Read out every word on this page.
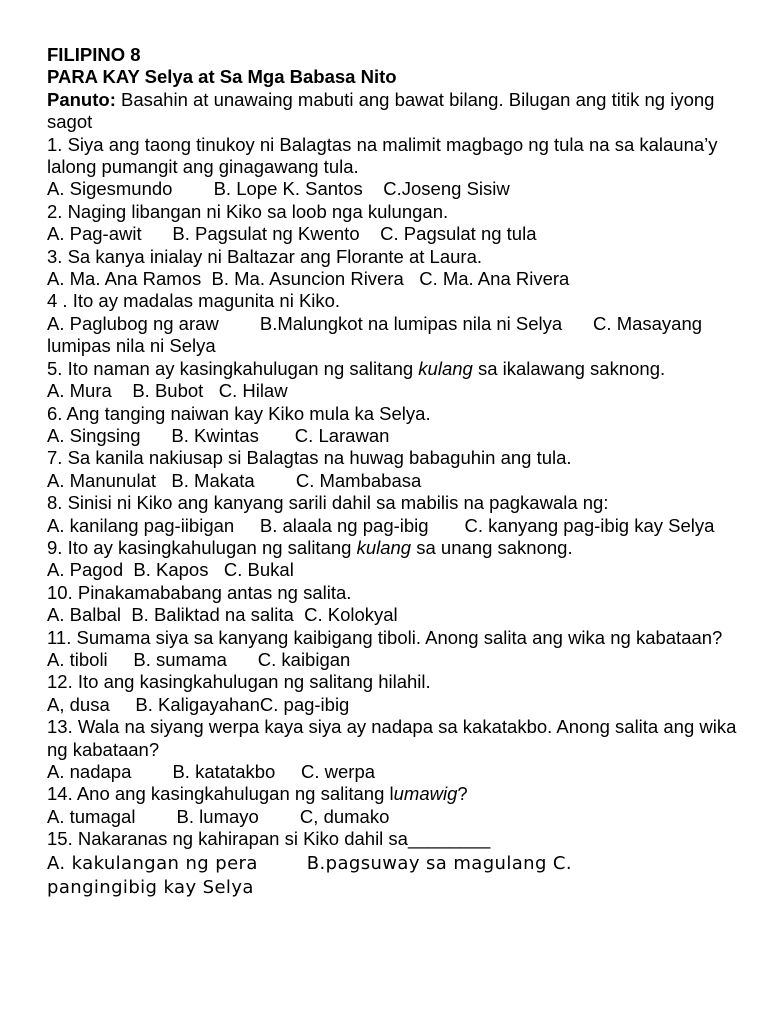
FILIPINO 8
PARA KAY Selya at Sa Mga Babasa Nito
Panuto: Basahin at unawaing mabuti ang bawat bilang. Bilugan ang titik ng iyong sagot
1. Siya ang taong tinukoy ni Balagtas na malimit magbago ng tula na sa kalauna’y lalong pumangit ang ginagawang tula.
A. Sigesmundo        B. Lope K. Santos    C.Joseng Sisiw
2. Naging libangan ni Kiko sa loob nga kulungan.
A. Pag-awit      B. Pagsulat ng Kwento    C. Pagsulat ng tula
3. Sa kanya inialay ni Baltazar ang Florante at Laura.
A. Ma. Ana Ramos  B. Ma. Asuncion Rivera   C. Ma. Ana Rivera
4 . Ito ay madalas magunita ni Kiko.
A. Paglubog ng araw        B.Malungkot na lumipas nila ni Selya      C. Masayang lumipas nila ni Selya
5. Ito naman ay kasingkahulugan ng salitang kulang sa ikalawang saknong.
A. Mura    B. Bubot   C. Hilaw
6. Ang tanging naiwan kay Kiko mula ka Selya.
A. Singsing      B. Kwintas       C. Larawan
7. Sa kanila nakiusap si Balagtas na huwag babaguhin ang tula.
A. Manunulat   B. Makata        C. Mambabasa
8. Sinisi ni Kiko ang kanyang sarili dahil sa mabilis na pagkawala ng:
A. kanilang pag-iibigan     B. alaala ng pag-ibig       C. kanyang pag-ibig kay Selya
9. Ito ay kasingkahulugan ng salitang kulang sa unang saknong.
A. Pagod  B. Kapos   C. Bukal
10. Pinakamababang antas ng salita.
A. Balbal  B. Baliktad na salita  C. Kolokyal
11. Sumama siya sa kanyang kaibigang tiboli. Anong salita ang wika ng kabataan?
A. tiboli     B. sumama      C. kaibigan
12. Ito ang kasingkahulugan ng salitang hilahil.
A, dusa     B. KaligayahanC. pag-ibig
13. Wala na siyang werpa kaya siya ay nadapa sa kakatakbo. Anong salita ang wika ng kabataan?
A. nadapa        B. katatakbo     C. werpa
14. Ano ang kasingkahulugan ng salitang lumawig?
A. tumagal        B. lumayo        C, dumako
15. Nakaranas ng kahirapan si Kiko dahil sa________
A. kakulangan ng pera        B.pagsuway sa magulang C. pangingibig kay Selya
